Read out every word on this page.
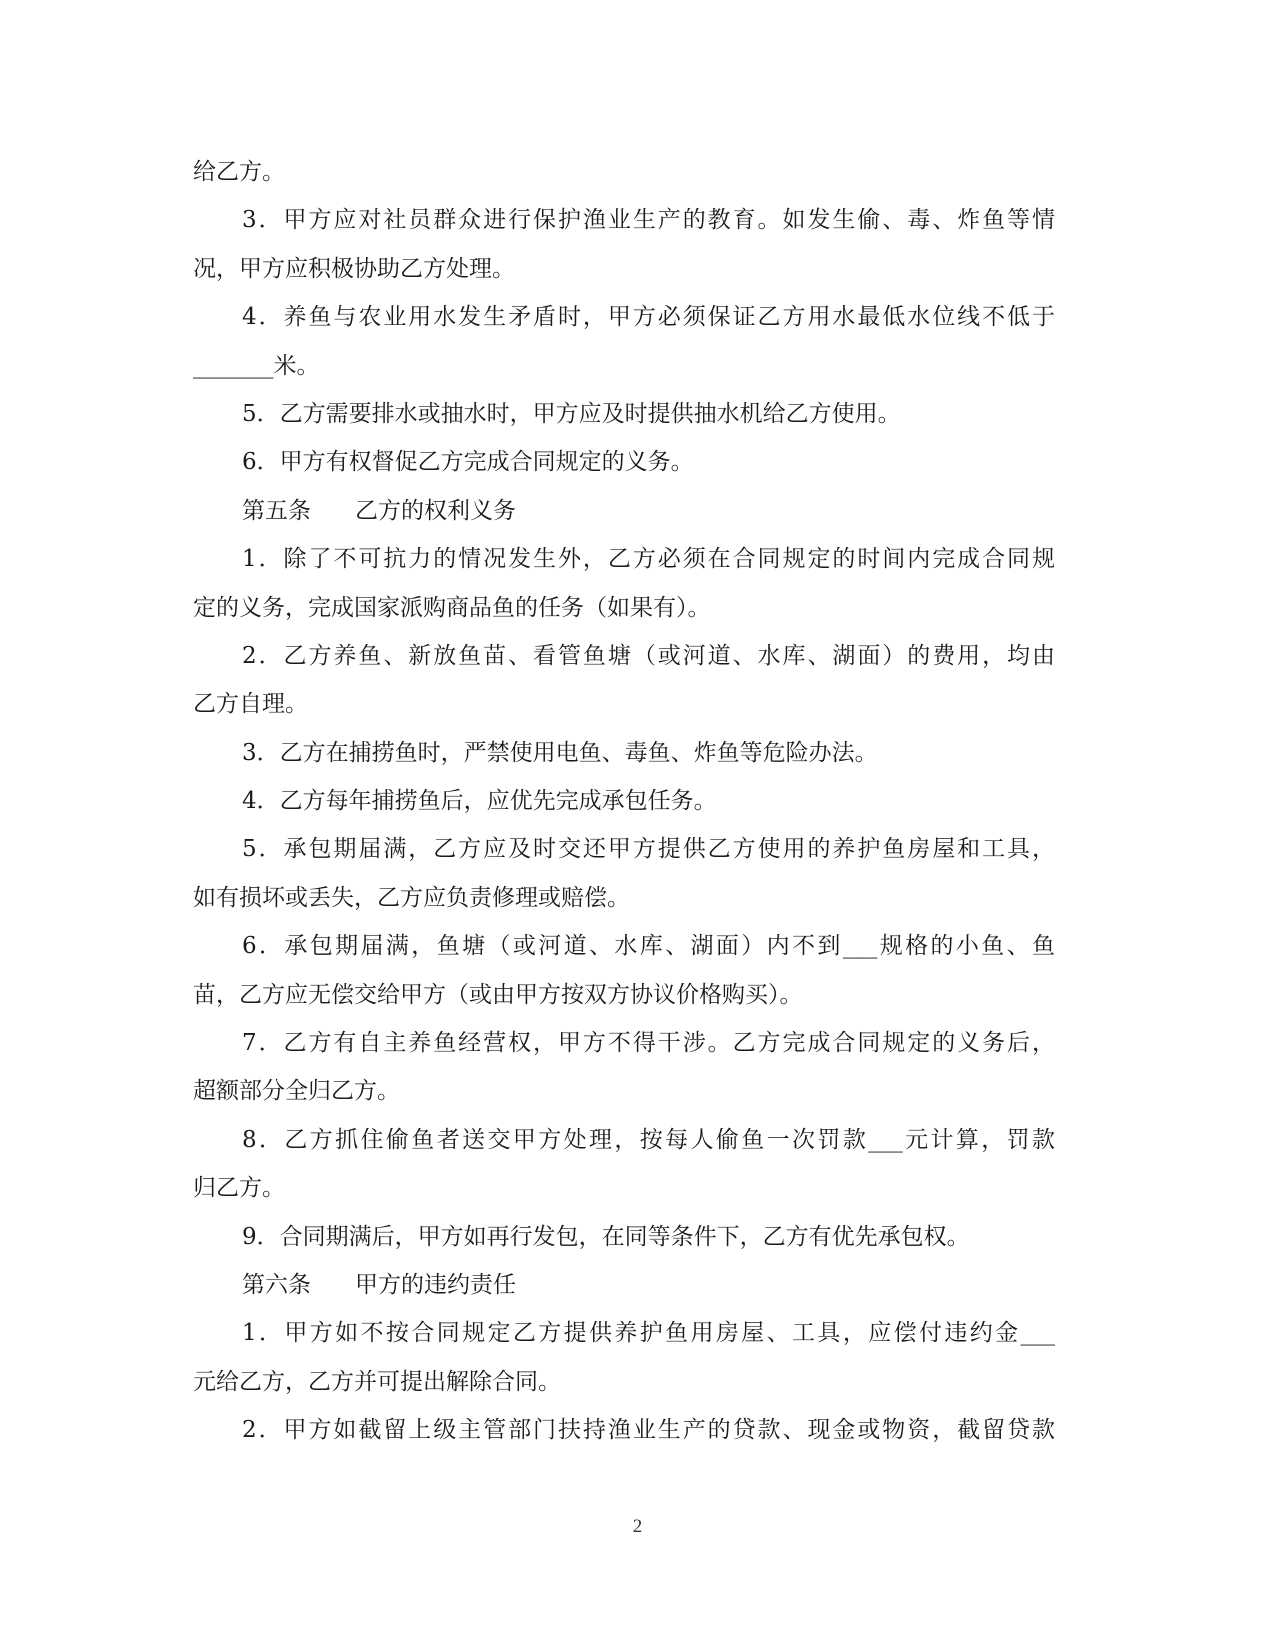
给乙方。
3．甲方应对社员群众进行保护渔业生产的教育。如发生偷、毒、炸鱼等情
况，甲方应积极协助乙方处理。
4．养鱼与农业用水发生矛盾时，甲方必须保证乙方用水最低水位线不低于
_______米。
5．乙方需要排水或抽水时，甲方应及时提供抽水机给乙方使用。
6．甲方有权督促乙方完成合同规定的义务。
第五条 乙方的权利义务
1．除了不可抗力的情况发生外，乙方必须在合同规定的时间内完成合同规
定的义务，完成国家派购商品鱼的任务（如果有）。
2．乙方养鱼、新放鱼苗、看管鱼塘（或河道、水库、湖面）的费用，均由
乙方自理。
3．乙方在捕捞鱼时，严禁使用电鱼、毒鱼、炸鱼等危险办法。
4．乙方每年捕捞鱼后，应优先完成承包任务。
5．承包期届满，乙方应及时交还甲方提供乙方使用的养护鱼房屋和工具，
如有损坏或丢失，乙方应负责修理或赔偿。
6．承包期届满，鱼塘（或河道、水库、湖面）内不到___规格的小鱼、鱼
苗，乙方应无偿交给甲方（或由甲方按双方协议价格购买）。
7．乙方有自主养鱼经营权，甲方不得干涉。乙方完成合同规定的义务后，
超额部分全归乙方。
8．乙方抓住偷鱼者送交甲方处理，按每人偷鱼一次罚款___元计算，罚款
归乙方。
9．合同期满后，甲方如再行发包，在同等条件下，乙方有优先承包权。
第六条 甲方的违约责任
1．甲方如不按合同规定乙方提供养护鱼用房屋、工具，应偿付违约金___
元给乙方，乙方并可提出解除合同。
2．甲方如截留上级主管部门扶持渔业生产的贷款、现金或物资，截留贷款
2
